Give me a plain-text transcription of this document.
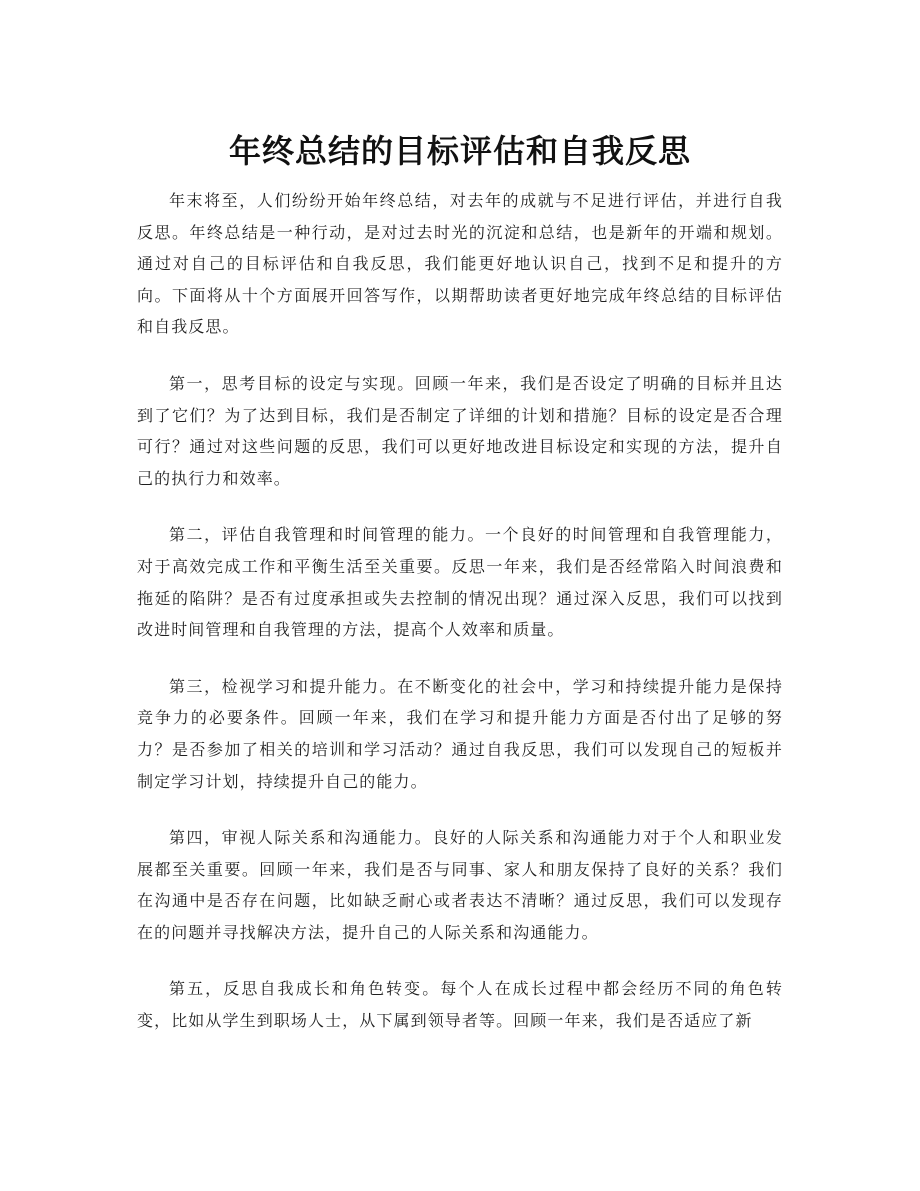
年终总结的目标评估和自我反思

年末将至，人们纷纷开始年终总结，对去年的成就与不足进行评估，并进行自我反思。年终总结是一种行动，是对过去时光的沉淀和总结，也是新年的开端和规划。通过对自己的目标评估和自我反思，我们能更好地认识自己，找到不足和提升的方向。下面将从十个方面展开回答写作，以期帮助读者更好地完成年终总结的目标评估和自我反思。

第一，思考目标的设定与实现。回顾一年来，我们是否设定了明确的目标并且达到了它们？为了达到目标，我们是否制定了详细的计划和措施？目标的设定是否合理可行？通过对这些问题的反思，我们可以更好地改进目标设定和实现的方法，提升自己的执行力和效率。

第二，评估自我管理和时间管理的能力。一个良好的时间管理和自我管理能力，对于高效完成工作和平衡生活至关重要。反思一年来，我们是否经常陷入时间浪费和拖延的陷阱？是否有过度承担或失去控制的情况出现？通过深入反思，我们可以找到改进时间管理和自我管理的方法，提高个人效率和质量。

第三，检视学习和提升能力。在不断变化的社会中，学习和持续提升能力是保持竞争力的必要条件。回顾一年来，我们在学习和提升能力方面是否付出了足够的努力？是否参加了相关的培训和学习活动？通过自我反思，我们可以发现自己的短板并制定学习计划，持续提升自己的能力。

第四，审视人际关系和沟通能力。良好的人际关系和沟通能力对于个人和职业发展都至关重要。回顾一年来，我们是否与同事、家人和朋友保持了良好的关系？我们在沟通中是否存在问题，比如缺乏耐心或者表达不清晰？通过反思，我们可以发现存在的问题并寻找解决方法，提升自己的人际关系和沟通能力。

第五，反思自我成长和角色转变。每个人在成长过程中都会经历不同的角色转变，比如从学生到职场人士，从下属到领导者等。回顾一年来，我们是否适应了新
